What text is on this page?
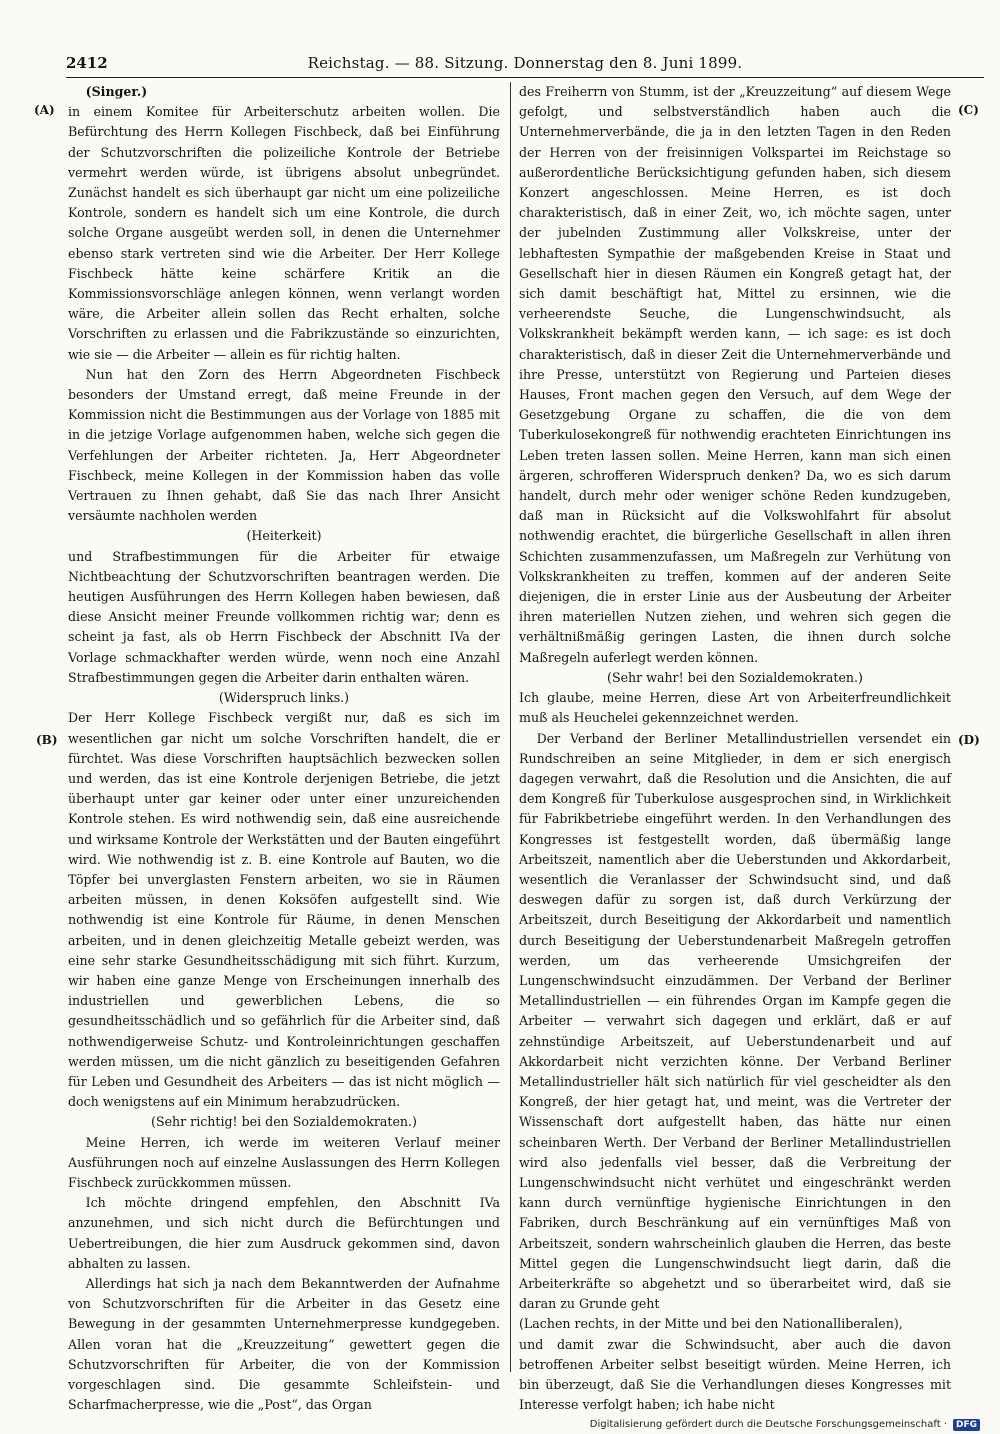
2412	Reichstag. — 88. Sitzung. Donnerstag den 8. Juni 1899.
(A)
(B)
(C)
(D)

(Singer.)

in einem Komitee für Arbeiterschutz arbeiten wollen. Die Befürchtung des Herrn Kollegen Fischbeck, daß bei Einführung der Schutzvorschriften die polizeiliche Kontrole der Betriebe vermehrt werden würde, ist übrigens absolut unbegründet. Zunächst handelt es sich überhaupt gar nicht um eine polizeiliche Kontrole, sondern es handelt sich um eine Kontrole, die durch solche Organe ausgeübt werden soll, in denen die Unternehmer ebenso stark vertreten sind wie die Arbeiter. Der Herr Kollege Fischbeck hätte keine schärfere Kritik an die Kommissionsvorschläge anlegen können, wenn verlangt worden wäre, die Arbeiter allein sollen das Recht erhalten, solche Vorschriften zu erlassen und die Fabrikzustände so einzurichten, wie sie — die Arbeiter — allein es für richtig halten.

Nun hat den Zorn des Herrn Abgeordneten Fischbeck besonders der Umstand erregt, daß meine Freunde in der Kommission nicht die Bestimmungen aus der Vorlage von 1885 mit in die jetzige Vorlage aufgenommen haben, welche sich gegen die Verfehlungen der Arbeiter richteten. Ja, Herr Abgeordneter Fischbeck, meine Kollegen in der Kommission haben das volle Vertrauen zu Ihnen gehabt, daß Sie das nach Ihrer Ansicht versäumte nachholen werden

(Heiterkeit)

und Strafbestimmungen für die Arbeiter für etwaige Nichtbeachtung der Schutzvorschriften beantragen werden. Die heutigen Ausführungen des Herrn Kollegen haben bewiesen, daß diese Ansicht meiner Freunde vollkommen richtig war; denn es scheint ja fast, als ob Herrn Fischbeck der Abschnitt IVa der Vorlage schmackhafter werden würde, wenn noch eine Anzahl Strafbestimmungen gegen die Arbeiter darin enthalten wären.

(Widerspruch links.)

Der Herr Kollege Fischbeck vergißt nur, daß es sich im wesentlichen gar nicht um solche Vorschriften handelt, die er fürchtet. Was diese Vorschriften hauptsächlich bezwecken sollen und werden, das ist eine Kontrole derjenigen Betriebe, die jetzt überhaupt unter gar keiner oder unter einer unzureichenden Kontrole stehen. Es wird nothwendig sein, daß eine ausreichende und wirksame Kontrole der Werkstätten und der Bauten eingeführt wird. Wie nothwendig ist z. B. eine Kontrole auf Bauten, wo die Töpfer bei unverglasten Fenstern arbeiten, wo sie in Räumen arbeiten müssen, in denen Koksöfen aufgestellt sind. Wie nothwendig ist eine Kontrole für Räume, in denen Menschen arbeiten, und in denen gleichzeitig Metalle gebeizt werden, was eine sehr starke Gesundheitsschädigung mit sich führt. Kurzum, wir haben eine ganze Menge von Erscheinungen innerhalb des industriellen und gewerblichen Lebens, die so gesundheitsschädlich und so gefährlich für die Arbeiter sind, daß nothwendigerweise Schutz- und Kontroleinrichtungen geschaffen werden müssen, um die nicht gänzlich zu beseitigenden Gefahren für Leben und Gesundheit des Arbeiters — das ist nicht möglich — doch wenigstens auf ein Minimum herabzudrücken.

(Sehr richtig! bei den Sozialdemokraten.)

Meine Herren, ich werde im weiteren Verlauf meiner Ausführungen noch auf einzelne Auslassungen des Herrn Kollegen Fischbeck zurückkommen müssen.

Ich möchte dringend empfehlen, den Abschnitt IVa anzunehmen, und sich nicht durch die Befürchtungen und Uebertreibungen, die hier zum Ausdruck gekommen sind, davon abhalten zu lassen.

Allerdings hat sich ja nach dem Bekanntwerden der Aufnahme von Schutzvorschriften für die Arbeiter in das Gesetz eine Bewegung in der gesammten Unternehmerpresse kundgegeben. Allen voran hat die „Kreuzzeitung“ gewettert gegen die Schutzvorschriften für Arbeiter, die von der Kommission vorgeschlagen sind. Die gesammte Schleifstein- und Scharfmacherpresse, wie die „Post“, das Organ

des Freiherrn von Stumm, ist der „Kreuzzeitung“ auf diesem Wege gefolgt, und selbstverständlich haben auch die Unternehmerverbände, die ja in den letzten Tagen in den Reden der Herren von der freisinnigen Volkspartei im Reichstage so außerordentliche Berücksichtigung gefunden haben, sich diesem Konzert angeschlossen. Meine Herren, es ist doch charakteristisch, daß in einer Zeit, wo, ich möchte sagen, unter der jubelnden Zustimmung aller Volkskreise, unter der lebhaftesten Sympathie der maßgebenden Kreise in Staat und Gesellschaft hier in diesen Räumen ein Kongreß getagt hat, der sich damit beschäftigt hat, Mittel zu ersinnen, wie die verheerendste Seuche, die Lungenschwindsucht, als Volkskrankheit bekämpft werden kann, — ich sage: es ist doch charakteristisch, daß in dieser Zeit die Unternehmerverbände und ihre Presse, unterstützt von Regierung und Parteien dieses Hauses, Front machen gegen den Versuch, auf dem Wege der Gesetzgebung Organe zu schaffen, die die von dem Tuberkulosekongreß für nothwendig erachteten Einrichtungen ins Leben treten lassen sollen. Meine Herren, kann man sich einen ärgeren, schrofferen Widerspruch denken? Da, wo es sich darum handelt, durch mehr oder weniger schöne Reden kundzugeben, daß man in Rücksicht auf die Volkswohlfahrt für absolut nothwendig erachtet, die bürgerliche Gesellschaft in allen ihren Schichten zusammenzufassen, um Maßregeln zur Verhütung von Volkskrankheiten zu treffen, kommen auf der anderen Seite diejenigen, die in erster Linie aus der Ausbeutung der Arbeiter ihren materiellen Nutzen ziehen, und wehren sich gegen die verhältnißmäßig geringen Lasten, die ihnen durch solche Maßregeln auferlegt werden können.

(Sehr wahr! bei den Sozialdemokraten.)

Ich glaube, meine Herren, diese Art von Arbeiterfreundlichkeit muß als Heuchelei gekennzeichnet werden.

Der Verband der Berliner Metallindustriellen versendet ein Rundschreiben an seine Mitglieder, in dem er sich energisch dagegen verwahrt, daß die Resolution und die Ansichten, die auf dem Kongreß für Tuberkulose ausgesprochen sind, in Wirklichkeit für Fabrikbetriebe eingeführt werden. In den Verhandlungen des Kongresses ist festgestellt worden, daß übermäßig lange Arbeitszeit, namentlich aber die Ueberstunden und Akkordarbeit, wesentlich die Veranlasser der Schwindsucht sind, und daß deswegen dafür zu sorgen ist, daß durch Verkürzung der Arbeitszeit, durch Beseitigung der Akkordarbeit und namentlich durch Beseitigung der Ueberstundenarbeit Maßregeln getroffen werden, um das verheerende Umsichgreifen der Lungenschwindsucht einzudämmen. Der Verband der Berliner Metallindustriellen — ein führendes Organ im Kampfe gegen die Arbeiter — verwahrt sich dagegen und erklärt, daß er auf zehnstündige Arbeitszeit, auf Ueberstundenarbeit und auf Akkordarbeit nicht verzichten könne. Der Verband Berliner Metallindustrieller hält sich natürlich für viel gescheidter als den Kongreß, der hier getagt hat, und meint, was die Vertreter der Wissenschaft dort aufgestellt haben, das hätte nur einen scheinbaren Werth. Der Verband der Berliner Metallindustriellen wird also jedenfalls viel besser, daß die Verbreitung der Lungenschwindsucht nicht verhütet und eingeschränkt werden kann durch vernünftige hygienische Einrichtungen in den Fabriken, durch Beschränkung auf ein vernünftiges Maß von Arbeitszeit, sondern wahrscheinlich glauben die Herren, das beste Mittel gegen die Lungenschwindsucht liegt darin, daß die Arbeiterkräfte so abgehetzt und so überarbeitet wird, daß sie daran zu Grunde geht

(Lachen rechts, in der Mitte und bei den Nationalliberalen),

und damit zwar die Schwindsucht, aber auch die davon betroffenen Arbeiter selbst beseitigt würden. Meine Herren, ich bin überzeugt, daß Sie die Verhandlungen dieses Kongresses mit Interesse verfolgt haben; ich habe nicht

Digitalisierung gefördert durch die Deutsche Forschungsgemeinschaft ·	DFG
